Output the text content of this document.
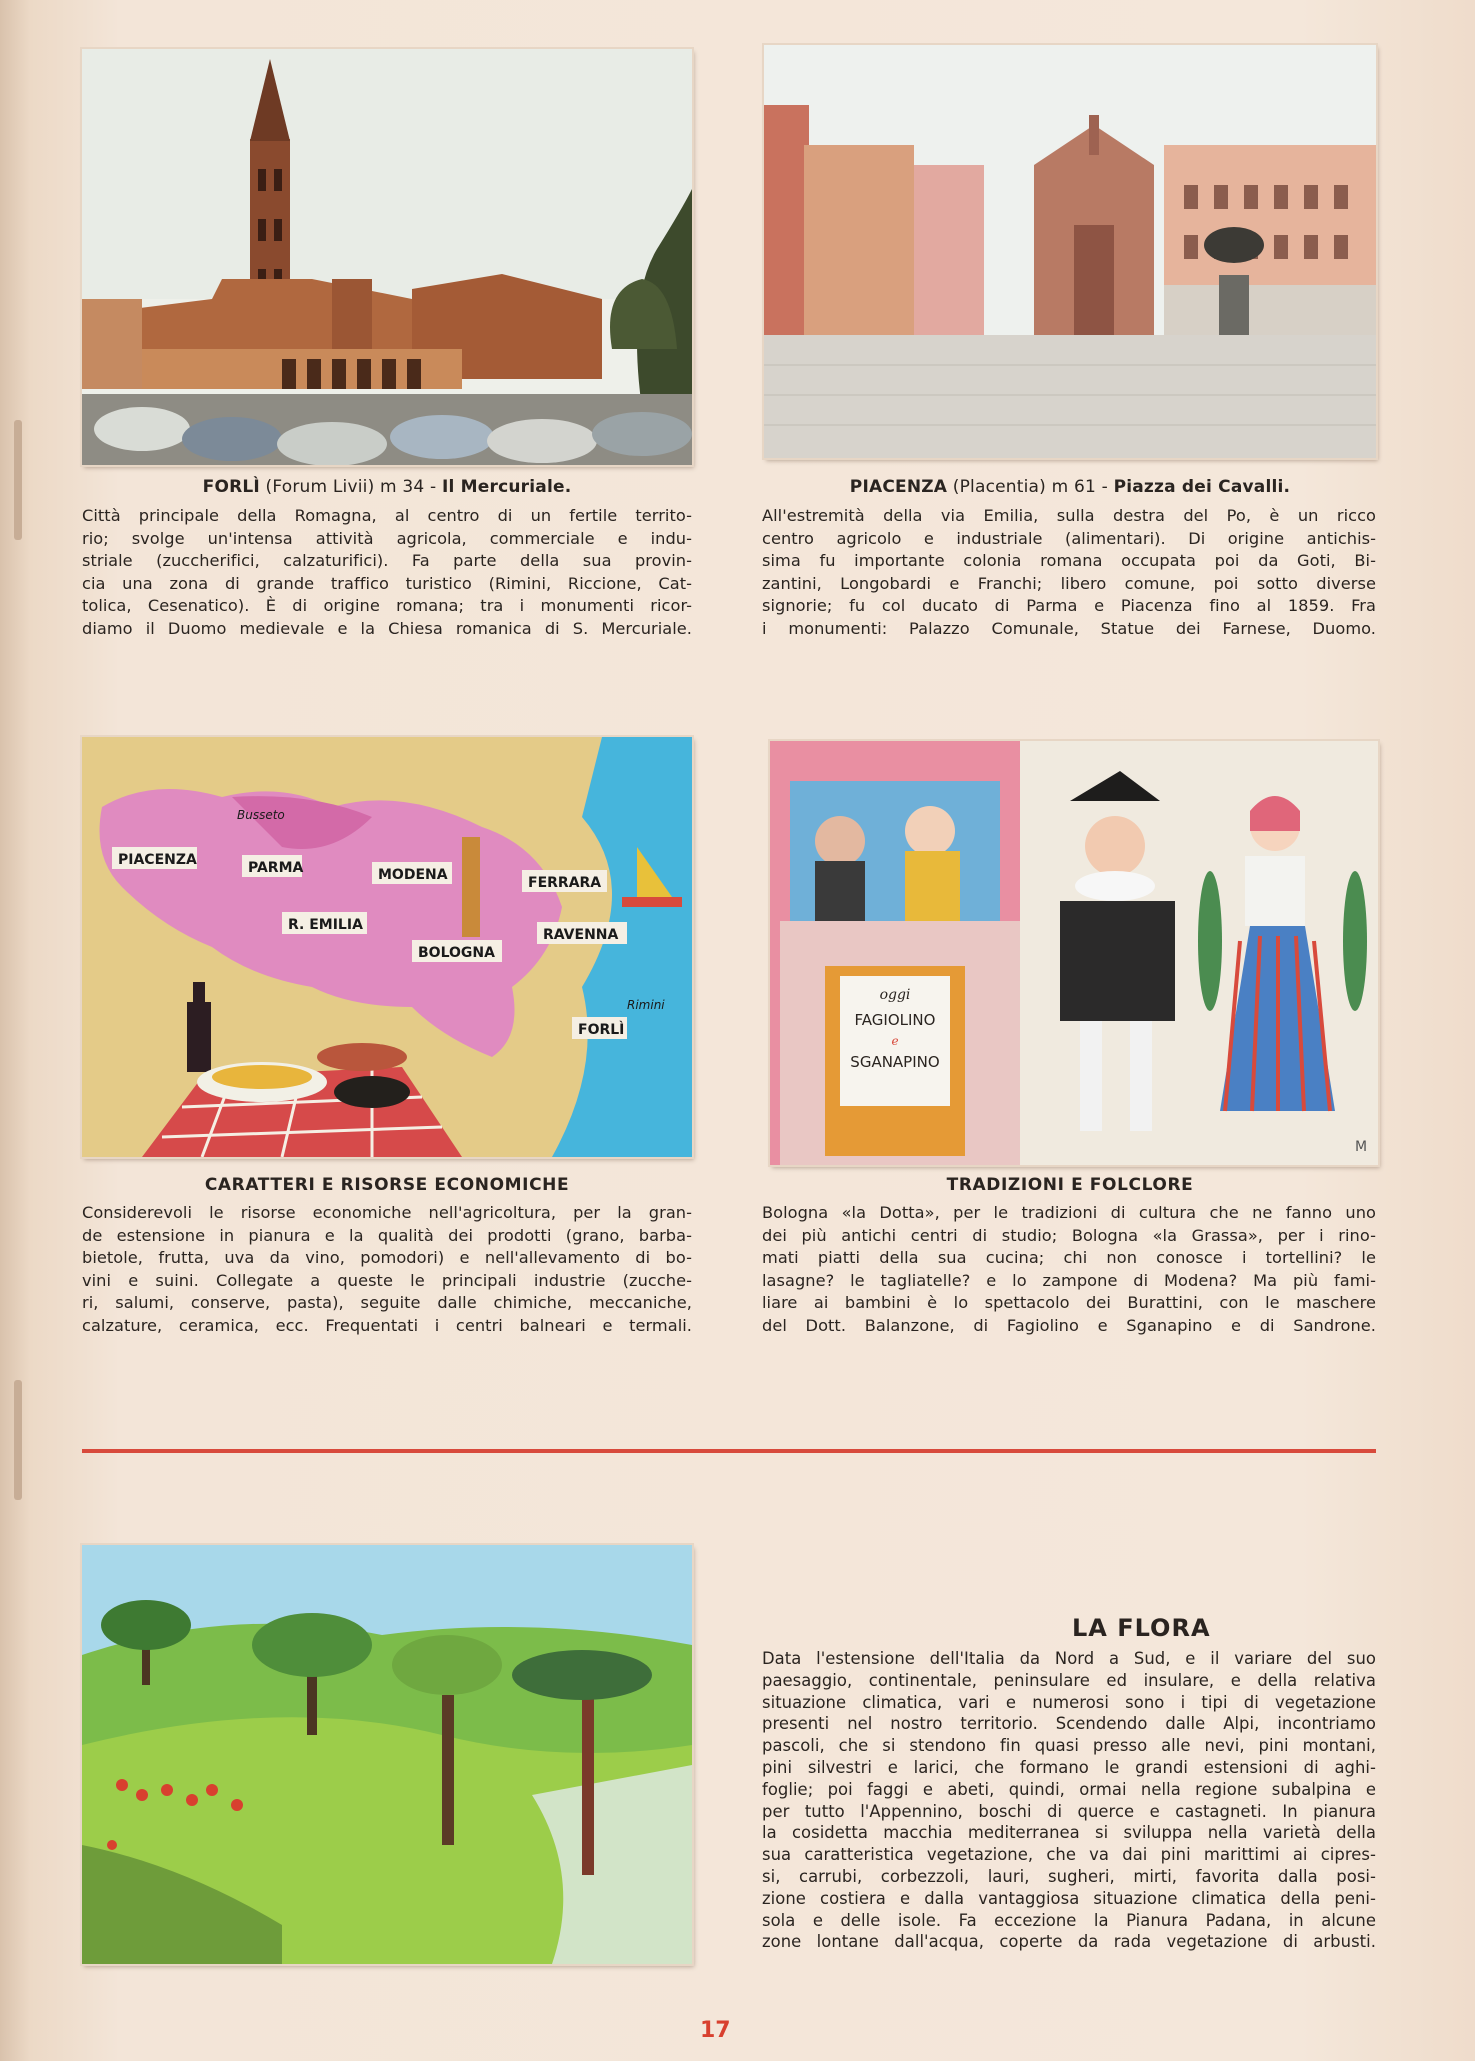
FORLÌ (Forum Livii) m 34 - Il Mercuriale.
Città principale della Romagna, al centro di un fertile territo-
rio; svolge un'intensa attività agricola, commerciale e indu-
striale (zuccherifici, calzaturifici). Fa parte della sua provin-
cia una zona di grande traffico turistico (Rimini, Riccione, Cat-
tolica, Cesenatico). È di origine romana; tra i monumenti ricor-
diamo il Duomo medievale e la Chiesa romanica di S. Mercuriale.
PIACENZA (Placentia) m 61 - Piazza dei Cavalli.
All'estremità della via Emilia, sulla destra del Po, è un ricco
centro agricolo e industriale (alimentari). Di origine antichis-
sima fu importante colonia romana occupata poi da Goti, Bi-
zantini, Longobardi e Franchi; libero comune, poi sotto diverse
signorie; fu col ducato di Parma e Piacenza fino al 1859. Fra
i monumenti: Palazzo Comunale, Statue dei Farnese, Duomo.
PIACENZA
Busseto
PARMA	MODENA
R. EMILIA
BOLOGNA
FERRARA
RAVENNA
Rimini
FORLÌ
CARATTERI E RISORSE ECONOMICHE
Considerevoli le risorse economiche nell'agricoltura, per la gran-
de estensione in pianura e la qualità dei prodotti (grano, barba-
bietole, frutta, uva da vino, pomodori) e nell'allevamento di bo-
vini e suini. Collegate a queste le principali industrie (zucche-
ri, salumi, conserve, pasta), seguite dalle chimiche, meccaniche,
calzature, ceramica, ecc. Frequentati i centri balneari e termali.
oggi
FAGIOLINO
e
SGANAPINO
M
TRADIZIONI E FOLCLORE
Bologna «la Dotta», per le tradizioni di cultura che ne fanno uno
dei più antichi centri di studio; Bologna «la Grassa», per i rino-
mati piatti della sua cucina; chi non conosce i tortellini? le
lasagne? le tagliatelle? e lo zampone di Modena? Ma più fami-
liare ai bambini è lo spettacolo dei Burattini, con le maschere
del Dott. Balanzone, di Fagiolino e Sganapino e di Sandrone.
LA FLORA
Data l'estensione dell'Italia da Nord a Sud, e il variare del suo
paesaggio, continentale, peninsulare ed insulare, e della relativa
situazione climatica, vari e numerosi sono i tipi di vegetazione
presenti nel nostro territorio. Scendendo dalle Alpi, incontriamo
pascoli, che si stendono fin quasi presso alle nevi, pini montani,
pini silvestri e larici, che formano le grandi estensioni di aghi-
foglie; poi faggi e abeti, quindi, ormai nella regione subalpina e
per tutto l'Appennino, boschi di querce e castagneti. In pianura
la cosidetta macchia mediterranea si sviluppa nella varietà della
sua caratteristica vegetazione, che va dai pini marittimi ai cipres-
si, carrubi, corbezzoli, lauri, sugheri, mirti, favorita dalla posi-
zione costiera e dalla vantaggiosa situazione climatica della peni-
sola e delle isole. Fa eccezione la Pianura Padana, in alcune
zone lontane dall'acqua, coperte da rada vegetazione di arbusti.
17
